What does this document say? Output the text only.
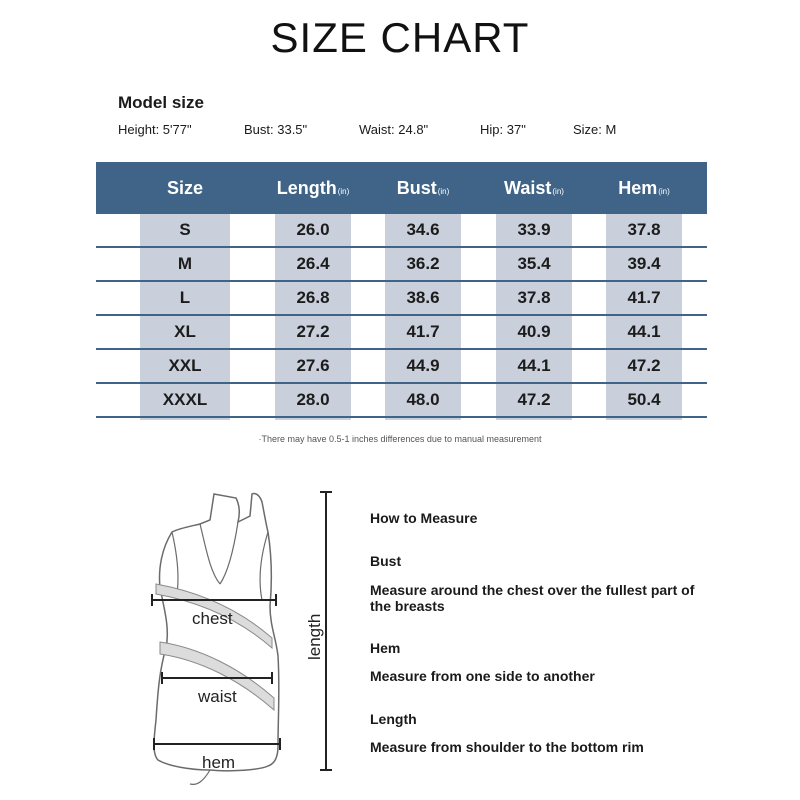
SIZE CHART
Model size
Height: 5'77"	Bust: 33.5"	Waist: 24.8"	Hip: 37"	Size: M
Size	Length(in)	Bust(in)	Waist(in)	Hem(in)
S	26.0	34.6	33.9	37.8
M	26.4	36.2	35.4	39.4
L	26.8	38.6	37.8	41.7
XL	27.2	41.7	40.9	44.1
XXL	27.6	44.9	44.1	47.2
XXXL	28.0	48.0	47.2	50.4
·There may have 0.5-1 inches differences due to manual measurement
chest
waist
hem
length
How to Measure
Bust
Measure around the chest over the fullest part of the breasts
Hem
Measure from one side to another
Length
Measure from shoulder to the bottom rim
